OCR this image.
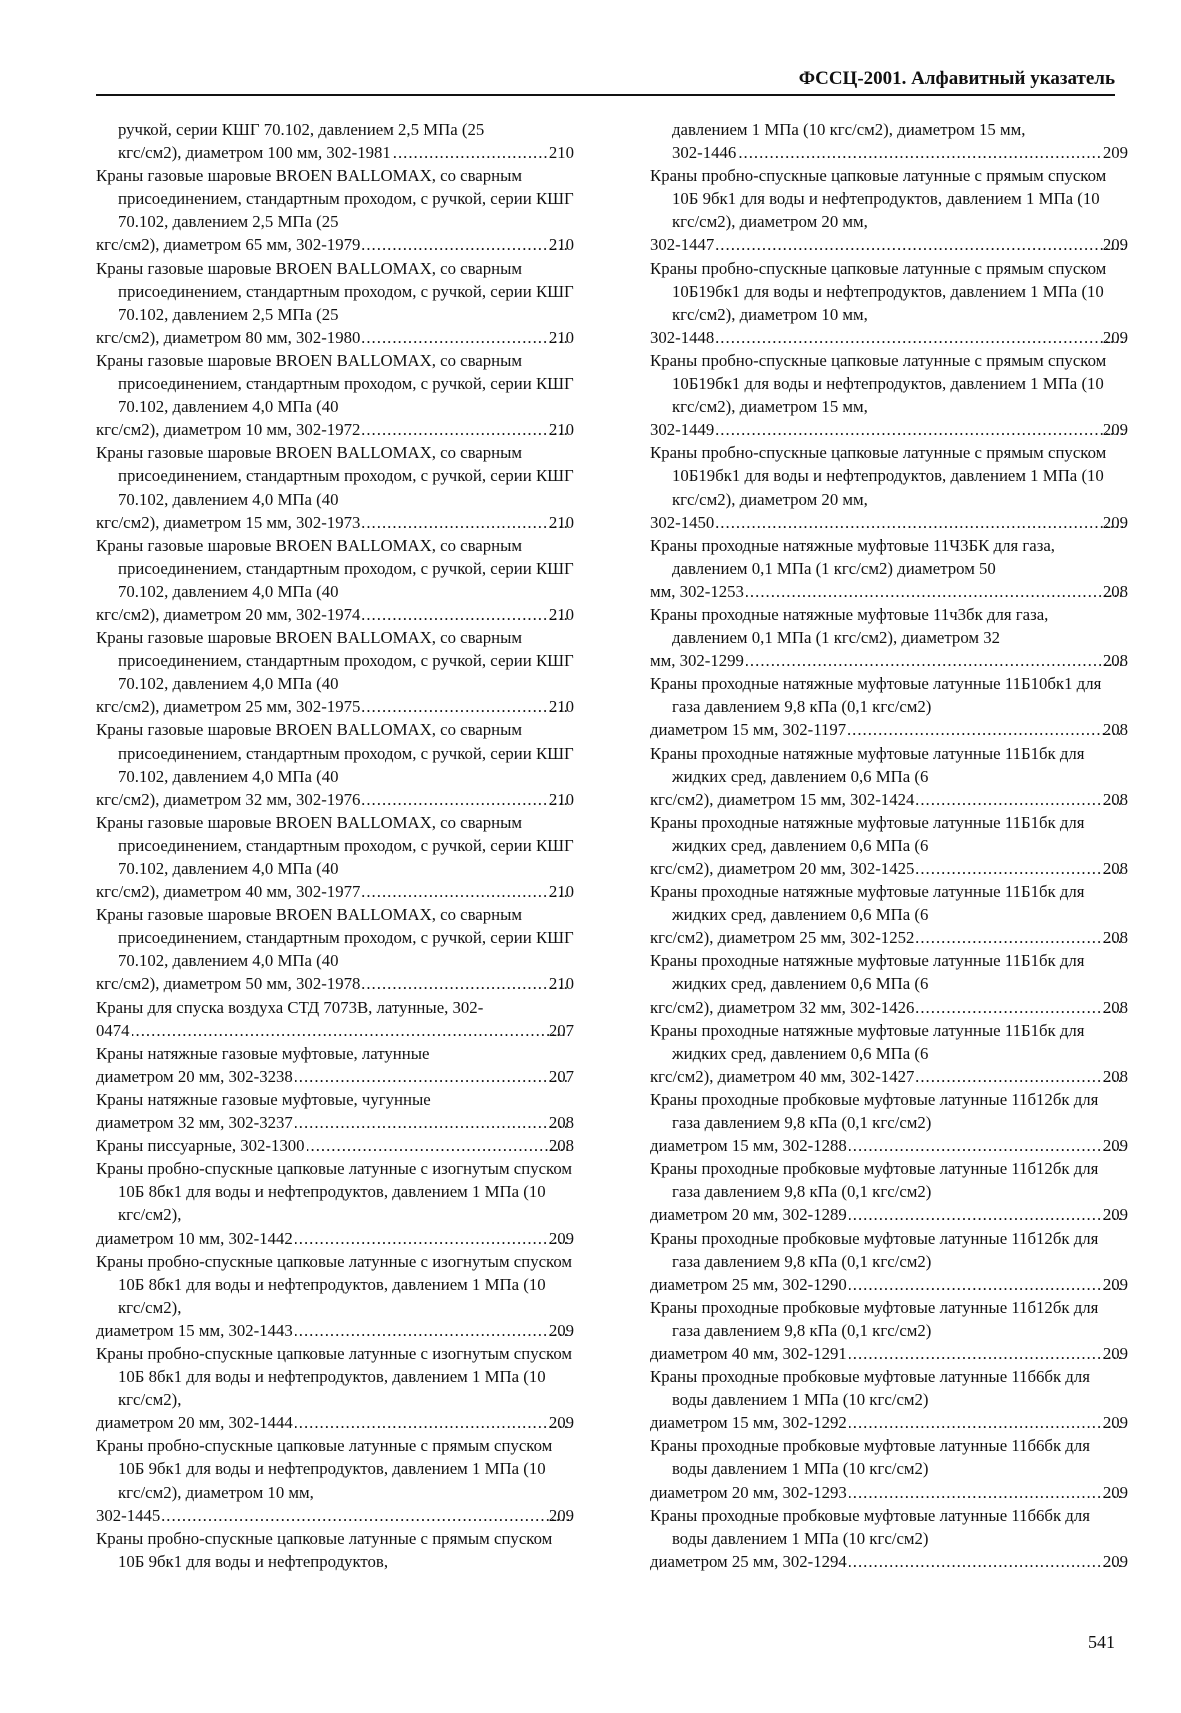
ФССЦ-2001. Алфавитный указатель
ручкой, серии КШГ 70.102, давлением 2,5 МПа (25
кгс/см2), диаметром 100 мм, 302-1981 .....	210
Краны газовые шаровые BROEN BALLOMAX, со сварным присоединением, стандартным проходом, с ручкой, серии КШГ 70.102, давлением 2,5 МПа (25
кгс/см2), диаметром 65 мм, 302-1979 .....	210
Краны газовые шаровые BROEN BALLOMAX, со сварным присоединением, стандартным проходом, с ручкой, серии КШГ 70.102, давлением 2,5 МПа (25
кгс/см2), диаметром 80 мм, 302-1980 .....	210
Краны газовые шаровые BROEN BALLOMAX, со сварным присоединением, стандартным проходом, с ручкой, серии КШГ 70.102, давлением 4,0 МПа (40
кгс/см2), диаметром 10 мм, 302-1972 .....	210
Краны газовые шаровые BROEN BALLOMAX, со сварным присоединением, стандартным проходом, с ручкой, серии КШГ 70.102, давлением 4,0 МПа (40
кгс/см2), диаметром 15 мм, 302-1973 .....	210
Краны газовые шаровые BROEN BALLOMAX, со сварным присоединением, стандартным проходом, с ручкой, серии КШГ 70.102, давлением 4,0 МПа (40
кгс/см2), диаметром 20 мм, 302-1974 .....	210
Краны газовые шаровые BROEN BALLOMAX, со сварным присоединением, стандартным проходом, с ручкой, серии КШГ 70.102, давлением 4,0 МПа (40
кгс/см2), диаметром 25 мм, 302-1975 .....	210
Краны газовые шаровые BROEN BALLOMAX, со сварным присоединением, стандартным проходом, с ручкой, серии КШГ 70.102, давлением 4,0 МПа (40
кгс/см2), диаметром 32 мм, 302-1976 .....	210
Краны газовые шаровые BROEN BALLOMAX, со сварным присоединением, стандартным проходом, с ручкой, серии КШГ 70.102, давлением 4,0 МПа (40
кгс/см2), диаметром 40 мм, 302-1977 .....	210
Краны газовые шаровые BROEN BALLOMAX, со сварным присоединением, стандартным проходом, с ручкой, серии КШГ 70.102, давлением 4,0 МПа (40
кгс/см2), диаметром 50 мм, 302-1978 .....	210
Краны для спуска воздуха СТД 7073В, латунные, 302-
0474 .....	207
Краны натяжные газовые муфтовые, латунные
диаметром 20 мм, 302-3238 .....	207
Краны натяжные газовые муфтовые, чугунные
диаметром 32 мм, 302-3237 .....	208
Краны писсуарные, 302-1300 .....	208
Краны пробно-спускные цапковые латунные с изогнутым спуском 10Б 8бк1 для воды и нефтепродуктов, давлением 1 МПа (10 кгс/см2),
диаметром 10 мм, 302-1442 .....	209
Краны пробно-спускные цапковые латунные с изогнутым спуском 10Б 8бк1 для воды и нефтепродуктов, давлением 1 МПа (10 кгс/см2),
диаметром 15 мм, 302-1443 .....	209
Краны пробно-спускные цапковые латунные с изогнутым спуском 10Б 8бк1 для воды и нефтепродуктов, давлением 1 МПа (10 кгс/см2),
диаметром 20 мм, 302-1444 .....	209
Краны пробно-спускные цапковые латунные с прямым спуском 10Б 9бк1 для воды и нефтепродуктов, давлением 1 МПа (10 кгс/см2), диаметром 10 мм,
302-1445 .....	209
Краны пробно-спускные цапковые латунные с прямым спуском 10Б 9бк1 для воды и нефтепродуктов,
давлением 1 МПа (10 кгс/см2), диаметром 15 мм,
302-1446 .....	209
Краны пробно-спускные цапковые латунные с прямым спуском 10Б 9бк1 для воды и нефтепродуктов, давлением 1 МПа (10 кгс/см2), диаметром 20 мм,
302-1447 .....	209
Краны пробно-спускные цапковые латунные с прямым спуском 10Б19бк1 для воды и нефтепродуктов, давлением 1 МПа (10 кгс/см2), диаметром 10 мм,
302-1448 .....	209
Краны пробно-спускные цапковые латунные с прямым спуском 10Б19бк1 для воды и нефтепродуктов, давлением 1 МПа (10 кгс/см2), диаметром 15 мм,
302-1449 .....	209
Краны пробно-спускные цапковые латунные с прямым спуском 10Б19бк1 для воды и нефтепродуктов, давлением 1 МПа (10 кгс/см2), диаметром 20 мм,
302-1450 .....	209
Краны проходные натяжные муфтовые 11Ч3БК для газа, давлением 0,1 МПа (1 кгс/см2) диаметром 50
мм, 302-1253 .....	208
Краны проходные натяжные муфтовые 11ч3бк для газа, давлением 0,1 МПа (1 кгс/см2), диаметром 32
мм, 302-1299 .....	208
Краны проходные натяжные муфтовые латунные 11Б10бк1 для газа давлением 9,8 кПа (0,1 кгс/см2)
диаметром 15 мм, 302-1197 .....	208
Краны проходные натяжные муфтовые латунные 11Б1бк для жидких сред, давлением 0,6 МПа (6
кгс/см2), диаметром 15 мм, 302-1424 .....	208
Краны проходные натяжные муфтовые латунные 11Б1бк для жидких сред, давлением 0,6 МПа (6
кгс/см2), диаметром 20 мм, 302-1425 .....	208
Краны проходные натяжные муфтовые латунные 11Б1бк для жидких сред, давлением 0,6 МПа (6
кгс/см2), диаметром 25 мм, 302-1252 .....	208
Краны проходные натяжные муфтовые латунные 11Б1бк для жидких сред, давлением 0,6 МПа (6
кгс/см2), диаметром 32 мм, 302-1426 .....	208
Краны проходные натяжные муфтовые латунные 11Б1бк для жидких сред, давлением 0,6 МПа (6
кгс/см2), диаметром 40 мм, 302-1427 .....	208
Краны проходные пробковые муфтовые латунные 11б12бк для газа давлением 9,8 кПа (0,1 кгс/см2)
диаметром 15 мм, 302-1288 .....	209
Краны проходные пробковые муфтовые латунные 11б12бк для газа давлением 9,8 кПа (0,1 кгс/см2)
диаметром 20 мм, 302-1289 .....	209
Краны проходные пробковые муфтовые латунные 11б12бк для газа давлением 9,8 кПа (0,1 кгс/см2)
диаметром 25 мм, 302-1290 .....	209
Краны проходные пробковые муфтовые латунные 11б12бк для газа давлением 9,8 кПа (0,1 кгс/см2)
диаметром 40 мм, 302-1291 .....	209
Краны проходные пробковые муфтовые латунные 11б6бк для воды давлением 1 МПа (10 кгс/см2)
диаметром 15 мм, 302-1292 .....	209
Краны проходные пробковые муфтовые латунные 11б6бк для воды давлением 1 МПа (10 кгс/см2)
диаметром 20 мм, 302-1293 .....	209
Краны проходные пробковые муфтовые латунные 11б6бк для воды давлением 1 МПа (10 кгс/см2)
диаметром 25 мм, 302-1294 .....	209
541
